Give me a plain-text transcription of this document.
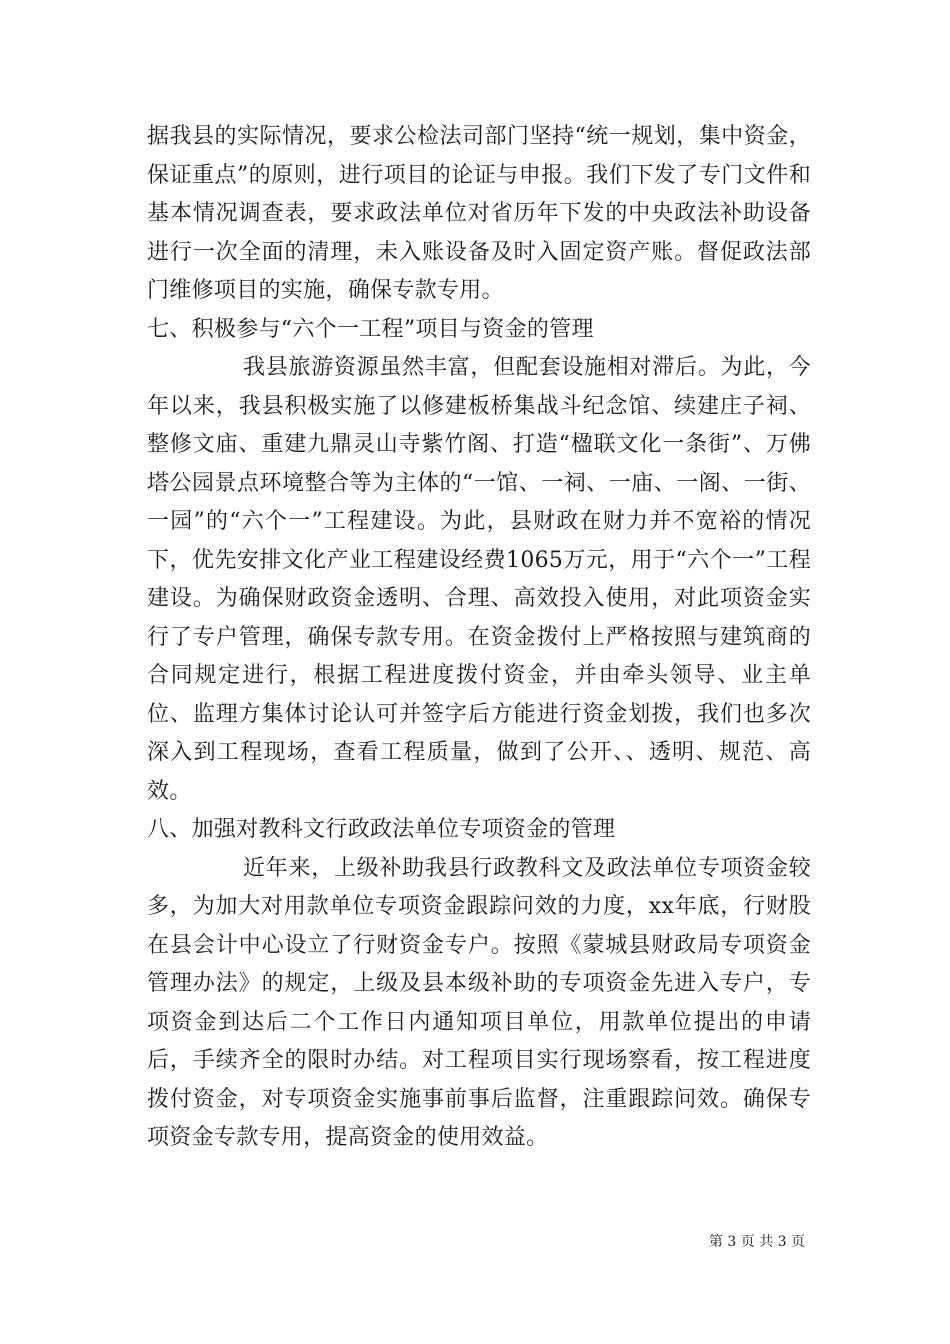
据我县的实际情况，要求公检法司部门坚持“统一规划，集中资金，保证重点”的原则，进行项目的论证与申报。我们下发了专门文件和基本情况调查表，要求政法单位对省历年下发的中央政法补助设备进行一次全面的清理，未入账设备及时入固定资产账。督促政法部门维修项目的实施，确保专款专用。

七、积极参与“六个一工程”项目与资金的管理

我县旅游资源虽然丰富，但配套设施相对滞后。为此，今年以来，我县积极实施了以修建板桥集战斗纪念馆、续建庄子祠、整修文庙、重建九鼎灵山寺紫竹阁、打造“楹联文化一条街”、万佛塔公园景点环境整合等为主体的“一馆、一祠、一庙、一阁、一街、一园”的“六个一”工程建设。为此，县财政在财力并不宽裕的情况下，优先安排文化产业工程建设经费1065万元，用于“六个一”工程建设。为确保财政资金透明、合理、高效投入使用，对此项资金实行了专户管理，确保专款专用。在资金拨付上严格按照与建筑商的合同规定进行，根据工程进度拨付资金，并由牵头领导、业主单位、监理方集体讨论认可并签字后方能进行资金划拨，我们也多次深入到工程现场，查看工程质量，做到了公开、、透明、规范、高效。

八、加强对教科文行政政法单位专项资金的管理

近年来，上级补助我县行政教科文及政法单位专项资金较多，为加大对用款单位专项资金跟踪问效的力度，xx年底，行财股在县会计中心设立了行财资金专户。按照《蒙城县财政局专项资金管理办法》的规定，上级及县本级补助的专项资金先进入专户，专项资金到达后二个工作日内通知项目单位，用款单位提出的申请后，手续齐全的限时办结。对工程项目实行现场察看，按工程进度拨付资金，对专项资金实施事前事后监督，注重跟踪问效。确保专项资金专款专用，提高资金的使用效益。

第 3 页 共 3 页
